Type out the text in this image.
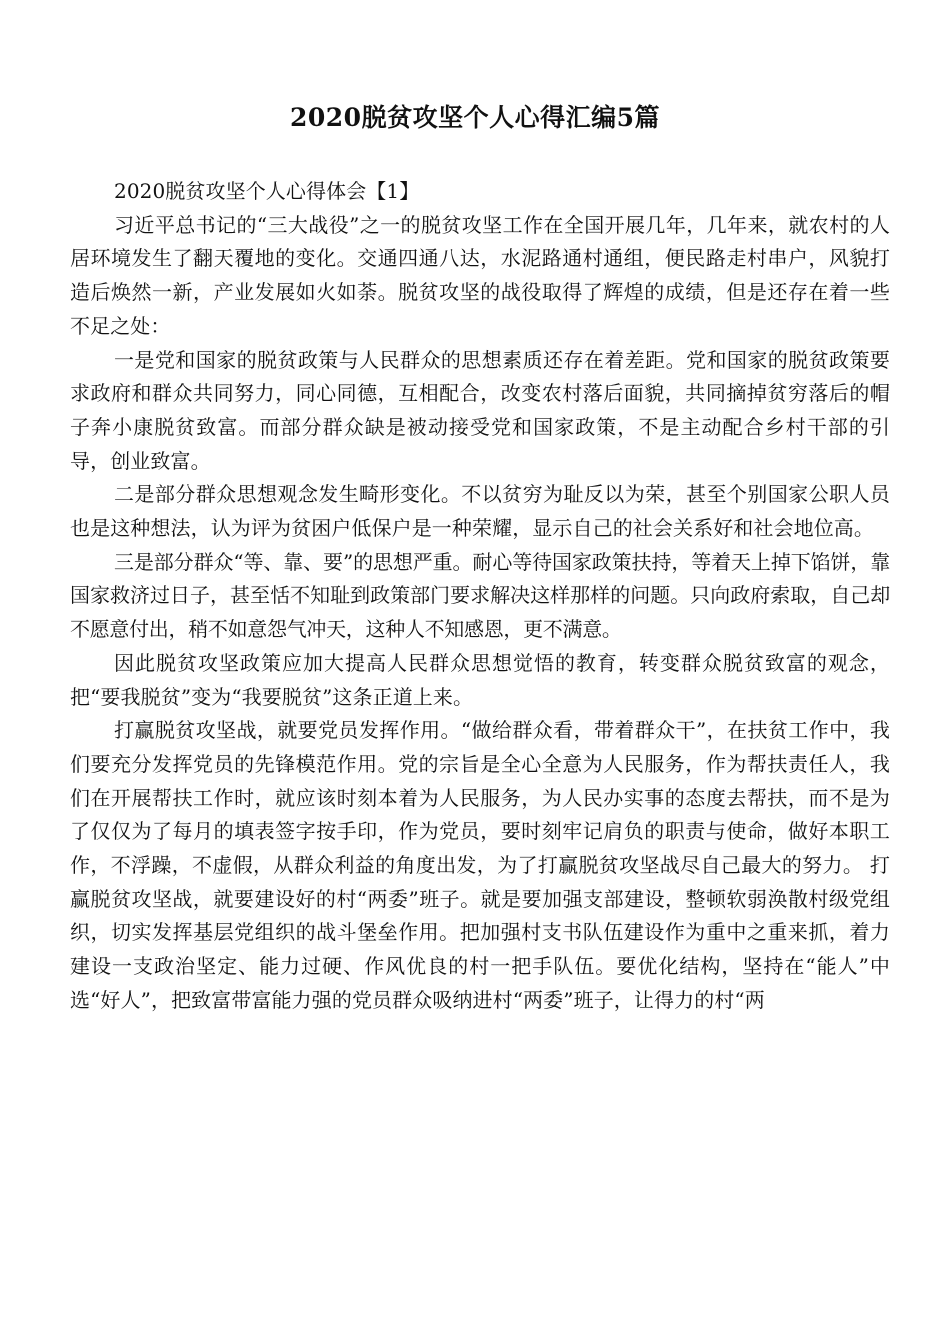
2020脱贫攻坚个人心得汇编5篇

2020脱贫攻坚个人心得体会【1】

习近平总书记的“三大战役”之一的脱贫攻坚工作在全国开展几年，几年来，就农村的人居环境发生了翻天覆地的变化。交通四通八达，水泥路通村通组，便民路走村串户，风貌打造后焕然一新，产业发展如火如荼。脱贫攻坚的战役取得了辉煌的成绩，但是还存在着一些不足之处：

一是党和国家的脱贫政策与人民群众的思想素质还存在着差距。党和国家的脱贫政策要求政府和群众共同努力，同心同德，互相配合，改变农村落后面貌，共同摘掉贫穷落后的帽子奔小康脱贫致富。而部分群众缺是被动接受党和国家政策，不是主动配合乡村干部的引导，创业致富。

二是部分群众思想观念发生畸形变化。不以贫穷为耻反以为荣，甚至个别国家公职人员也是这种想法，认为评为贫困户低保户是一种荣耀，显示自己的社会关系好和社会地位高。

三是部分群众“等、靠、要”的思想严重。耐心等待国家政策扶持，等着天上掉下馅饼，靠国家救济过日子，甚至恬不知耻到政策部门要求解决这样那样的问题。只向政府索取，自己却不愿意付出，稍不如意怨气冲天，这种人不知感恩，更不满意。

因此脱贫攻坚政策应加大提高人民群众思想觉悟的教育，转变群众脱贫致富的观念，把“要我脱贫”变为“我要脱贫”这条正道上来。

打赢脱贫攻坚战，就要党员发挥作用。“做给群众看，带着群众干”，在扶贫工作中，我们要充分发挥党员的先锋模范作用。党的宗旨是全心全意为人民服务，作为帮扶责任人，我们在开展帮扶工作时，就应该时刻本着为人民服务，为人民办实事的态度去帮扶，而不是为了仅仅为了每月的填表签字按手印，作为党员，要时刻牢记肩负的职责与使命，做好本职工作，不浮躁，不虚假，从群众利益的角度出发，为了打赢脱贫攻坚战尽自己最大的努力。 打赢脱贫攻坚战，就要建设好的村“两委”班子。就是要加强支部建设，整顿软弱涣散村级党组织，切实发挥基层党组织的战斗堡垒作用。把加强村支书队伍建设作为重中之重来抓，着力建设一支政治坚定、能力过硬、作风优良的村一把手队伍。要优化结构，坚持在“能人”中选“好人”，把致富带富能力强的党员群众吸纳进村“两委”班子，让得力的村“两
